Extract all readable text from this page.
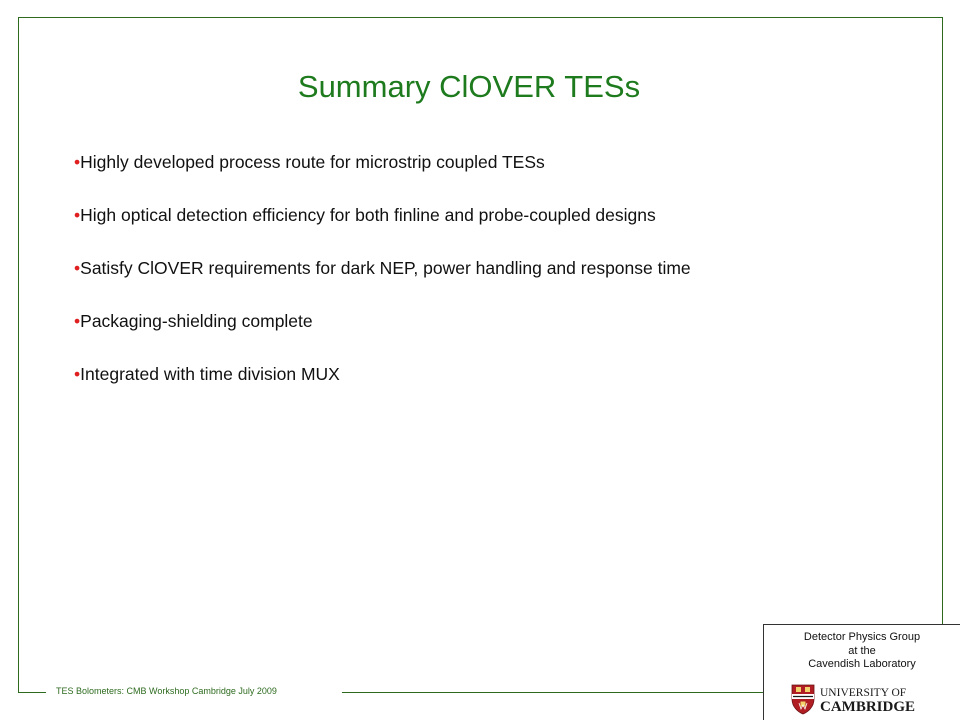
Summary ClOVER TESs
•Highly developed process route for microstrip coupled TESs
•High optical detection efficiency for both finline and probe-coupled designs
•Satisfy ClOVER requirements for dark NEP, power handling and response time
•Packaging-shielding complete
•Integrated with time division MUX
TES Bolometers: CMB Workshop Cambridge July 2009
Detector Physics Group
at the
Cavendish Laboratory
UNIVERSITY OF
CAMBRIDGE
